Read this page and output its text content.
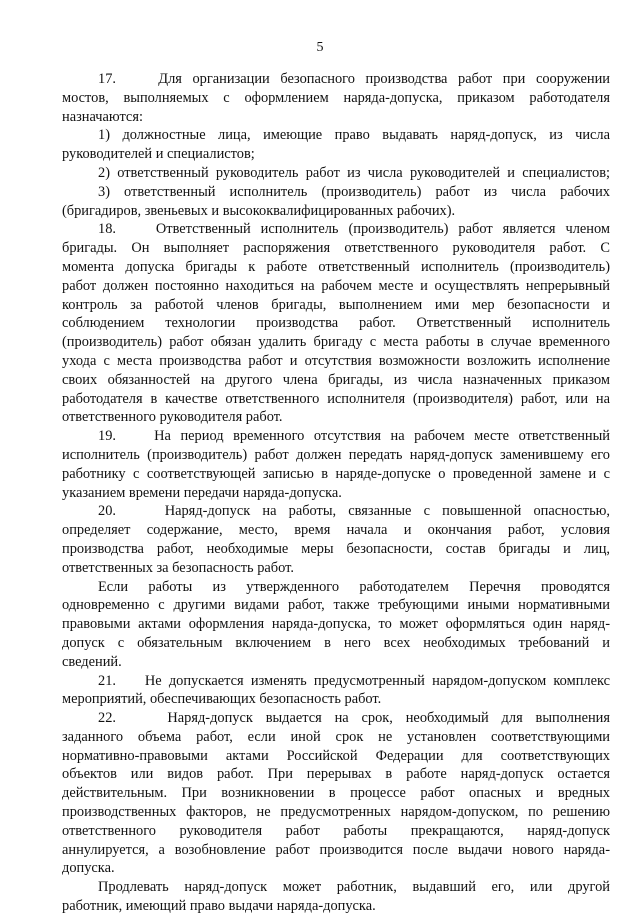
5
17.    Для организации безопасного производства работ при сооружении
мостов, выполняемых с оформлением наряда-допуска, приказом работодателя
назначаются:
1) должностные лица, имеющие право выдавать наряд-допуск, из числа
руководителей и специалистов;
2) ответственный руководитель работ из числа руководителей и специалистов;
3) ответственный исполнитель (производитель) работ из числа рабочих
(бригадиров, звеньевых и высококвалифицированных рабочих).
18.    Ответственный исполнитель (производитель) работ является членом
бригады. Он выполняет распоряжения ответственного руководителя работ. С
момента допуска бригады к работе ответственный исполнитель (производитель)
работ должен постоянно находиться на рабочем месте и осуществлять непрерывный
контроль за работой членов бригады, выполнением ими мер безопасности и
соблюдением технологии производства работ. Ответственный исполнитель
(производитель) работ обязан удалить бригаду с места работы в случае временного
ухода с места производства работ и отсутствия возможности возложить исполнение
своих обязанностей на другого члена бригады, из числа назначенных приказом
работодателя в качестве ответственного исполнителя (производителя) работ, или на
ответственного руководителя работ.
19.    На период временного отсутствия на рабочем месте ответственный
исполнитель (производитель) работ должен передать наряд-допуск заменившему его
работнику с соответствующей записью в наряде-допуске о проведенной замене и с
указанием времени передачи наряда-допуска.
20.    Наряд-допуск на работы, связанные с повышенной опасностью,
определяет содержание, место, время начала и окончания работ, условия
производства работ, необходимые меры безопасности, состав бригады и лиц,
ответственных за безопасность работ.
Если работы из утвержденного работодателем Перечня проводятся
одновременно с другими видами работ, также требующими иными нормативными
правовыми актами оформления наряда-допуска, то может оформляться один наряд-
допуск с обязательным включением в него всех необходимых требований и
сведений.
21.    Не допускается изменять предусмотренный нарядом-допуском комплекс
мероприятий, обеспечивающих безопасность работ.
22.    Наряд-допуск выдается на срок, необходимый для выполнения
заданного объема работ, если иной срок не установлен соответствующими
нормативно-правовыми актами Российской Федерации для соответствующих
объектов или видов работ. При перерывах в работе наряд-допуск остается
действительным. При возникновении в процессе работ опасных и вредных
производственных факторов, не предусмотренных нарядом-допуском, по решению
ответственного руководителя работ работы прекращаются, наряд-допуск
аннулируется, а возобновление работ производится после выдачи нового наряда-
допуска.
Продлевать наряд-допуск может работник, выдавший его, или другой
работник, имеющий право выдачи наряда-допуска.
